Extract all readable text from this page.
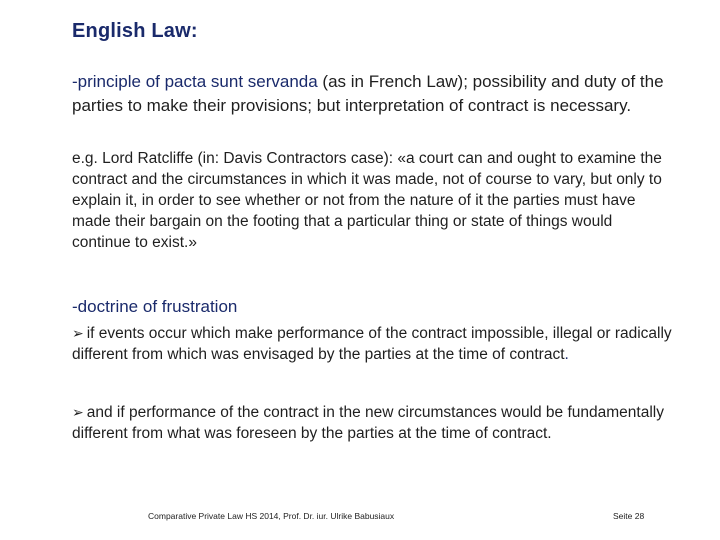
English Law:

-principle of pacta sunt servanda (as in French Law); possibility and duty of the parties to make their provisions; but interpretation of contract is necessary.

e.g. Lord Ratcliffe (in: Davis Contractors case): «a court can and ought to examine the contract and the circumstances in which it was made, not of course to vary, but only to explain it, in order to see whether or not from the nature of it the parties must have made their bargain on the footing that a particular thing or state of things would continue to exist.»

-doctrine of frustration

➢ if events occur which make performance of the contract impossible, illegal or radically different from which was envisaged by the parties at the time of contract.

➢ and if performance of the contract in the new circumstances would be fundamentally different from what was foreseen by the parties at the time of contract.

Comparative Private Law HS 2014, Prof. Dr. iur. Ulrike Babusiaux	Seite 28
